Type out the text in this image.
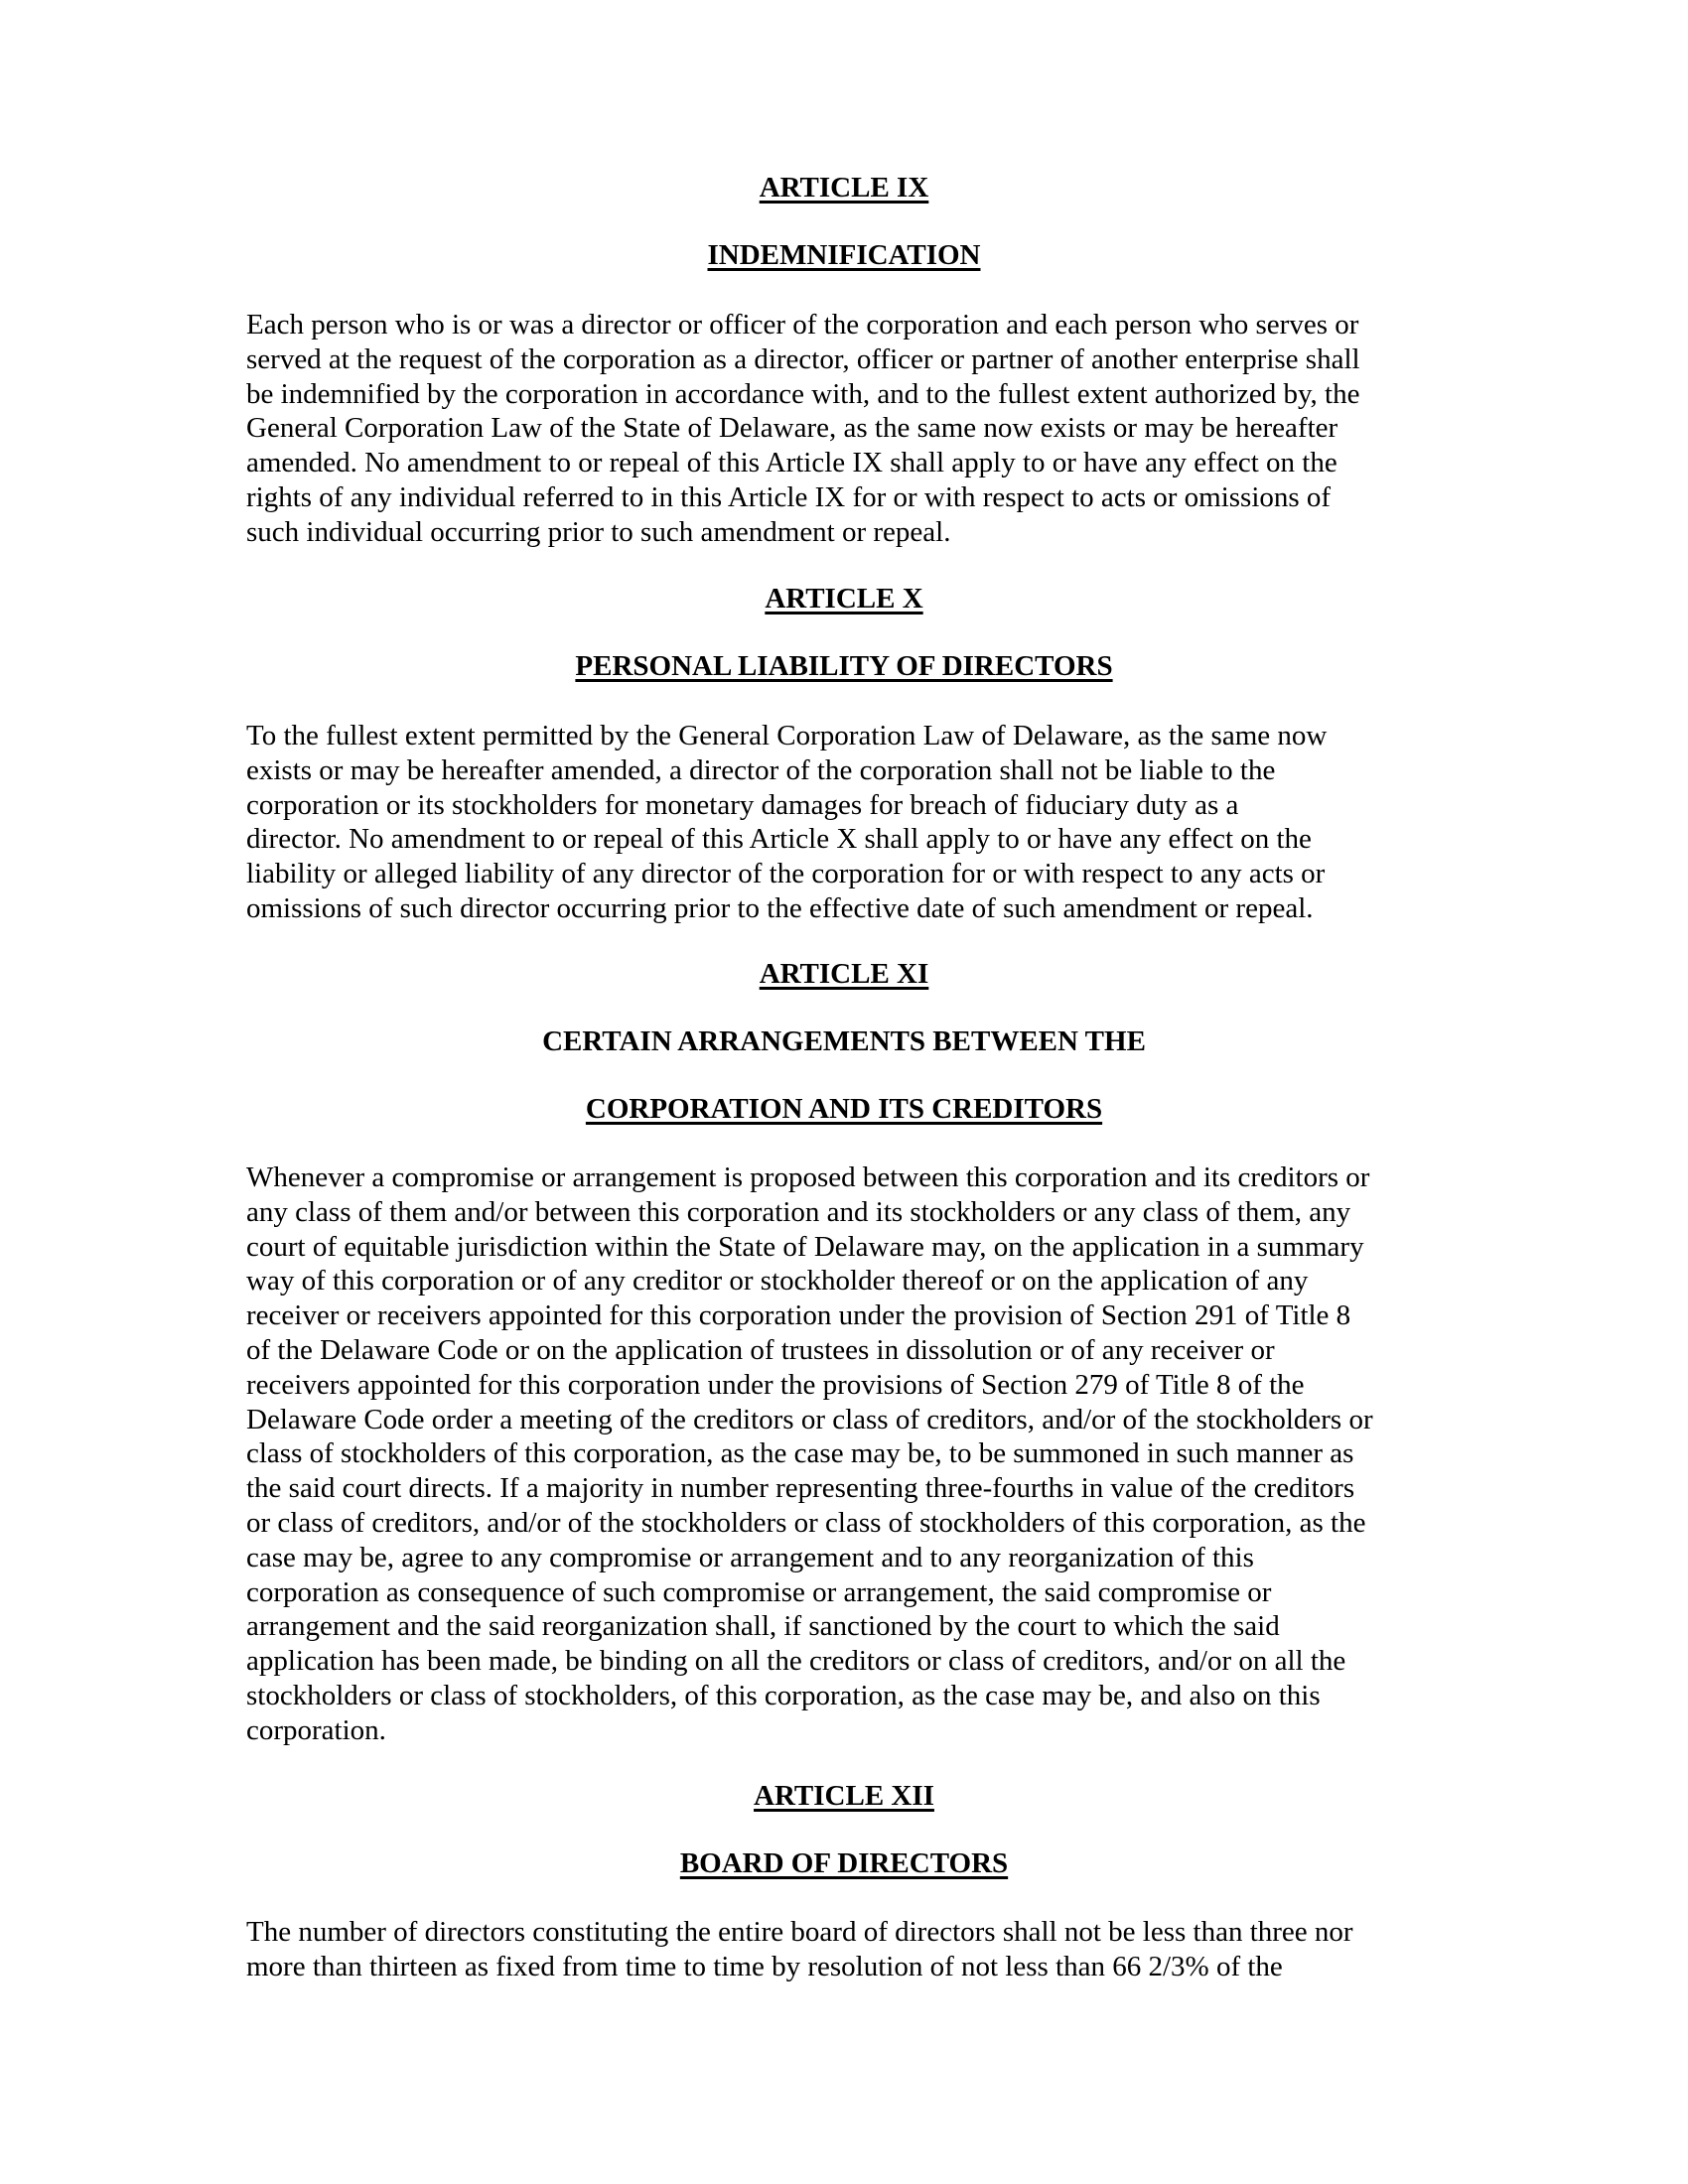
ARTICLE IX
INDEMNIFICATION
Each person who is or was a director or officer of the corporation and each person who serves or
served at the request of the corporation as a director, officer or partner of another enterprise shall
be indemnified by the corporation in accordance with, and to the fullest extent authorized by, the
General Corporation Law of the State of Delaware, as the same now exists or may be hereafter
amended. No amendment to or repeal of this Article IX shall apply to or have any effect on the
rights of any individual referred to in this Article IX for or with respect to acts or omissions of
such individual occurring prior to such amendment or repeal.
ARTICLE X
PERSONAL LIABILITY OF DIRECTORS
To the fullest extent permitted by the General Corporation Law of Delaware, as the same now
exists or may be hereafter amended, a director of the corporation shall not be liable to the
corporation or its stockholders for monetary damages for breach of fiduciary duty as a
director. No amendment to or repeal of this Article X shall apply to or have any effect on the
liability or alleged liability of any director of the corporation for or with respect to any acts or
omissions of such director occurring prior to the effective date of such amendment or repeal.
ARTICLE XI
CERTAIN ARRANGEMENTS BETWEEN THE
CORPORATION AND ITS CREDITORS
Whenever a compromise or arrangement is proposed between this corporation and its creditors or
any class of them and/or between this corporation and its stockholders or any class of them, any
court of equitable jurisdiction within the State of Delaware may, on the application in a summary
way of this corporation or of any creditor or stockholder thereof or on the application of any
receiver or receivers appointed for this corporation under the provision of Section 291 of Title 8
of the Delaware Code or on the application of trustees in dissolution or of any receiver or
receivers appointed for this corporation under the provisions of Section 279 of Title 8 of the
Delaware Code order a meeting of the creditors or class of creditors, and/or of the stockholders or
class of stockholders of this corporation, as the case may be, to be summoned in such manner as
the said court directs. If a majority in number representing three-fourths in value of the creditors
or class of creditors, and/or of the stockholders or class of stockholders of this corporation, as the
case may be, agree to any compromise or arrangement and to any reorganization of this
corporation as consequence of such compromise or arrangement, the said compromise or
arrangement and the said reorganization shall, if sanctioned by the court to which the said
application has been made, be binding on all the creditors or class of creditors, and/or on all the
stockholders or class of stockholders, of this corporation, as the case may be, and also on this
corporation.
ARTICLE XII
BOARD OF DIRECTORS
The number of directors constituting the entire board of directors shall not be less than three nor
more than thirteen as fixed from time to time by resolution of not less than 66 2/3% of the
